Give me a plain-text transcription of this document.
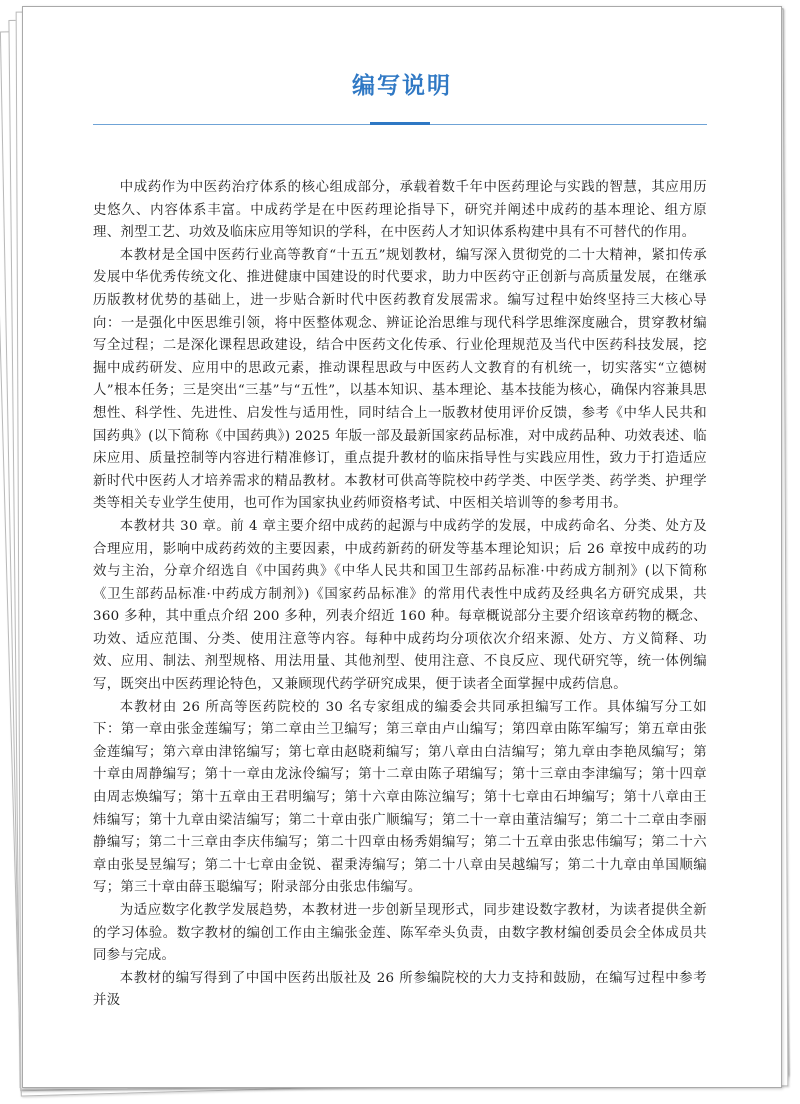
编写说明

中成药作为中医药治疗体系的核心组成部分，承载着数千年中医药理论与实践的智慧，其应用历史悠久、内容体系丰富。中成药学是在中医药理论指导下，研究并阐述中成药的基本理论、组方原理、剂型工艺、功效及临床应用等知识的学科，在中医药人才知识体系构建中具有不可替代的作用。

本教材是全国中医药行业高等教育“十五五”规划教材，编写深入贯彻党的二十大精神，紧扣传承发展中华优秀传统文化、推进健康中国建设的时代要求，助力中医药守正创新与高质量发展，在继承历版教材优势的基础上，进一步贴合新时代中医药教育发展需求。编写过程中始终坚持三大核心导向：一是强化中医思维引领，将中医整体观念、辨证论治思维与现代科学思维深度融合，贯穿教材编写全过程；二是深化课程思政建设，结合中医药文化传承、行业伦理规范及当代中医药科技发展，挖掘中成药研发、应用中的思政元素，推动课程思政与中医药人文教育的有机统一，切实落实“立德树人”根本任务；三是突出“三基”与“五性”，以基本知识、基本理论、基本技能为核心，确保内容兼具思想性、科学性、先进性、启发性与适用性，同时结合上一版教材使用评价反馈，参考《中华人民共和国药典》(以下简称《中国药典》) 2025 年版一部及最新国家药品标准，对中成药品种、功效表述、临床应用、质量控制等内容进行精准修订，重点提升教材的临床指导性与实践应用性，致力于打造适应新时代中医药人才培养需求的精品教材。本教材可供高等院校中药学类、中医学类、药学类、护理学类等相关专业学生使用，也可作为国家执业药师资格考试、中医相关培训等的参考用书。

本教材共 30 章。前 4 章主要介绍中成药的起源与中成药学的发展，中成药命名、分类、处方及合理应用，影响中成药药效的主要因素，中成药新药的研发等基本理论知识；后 26 章按中成药的功效与主治，分章介绍选自《中国药典》《中华人民共和国卫生部药品标准·中药成方制剂》(以下简称《卫生部药品标准·中药成方制剂》)《国家药品标准》的常用代表性中成药及经典名方研究成果，共 360 多种，其中重点介绍 200 多种，列表介绍近 160 种。每章概说部分主要介绍该章药物的概念、功效、适应范围、分类、使用注意等内容。每种中成药均分项依次介绍来源、处方、方义简释、功效、应用、制法、剂型规格、用法用量、其他剂型、使用注意、不良反应、现代研究等，统一体例编写，既突出中医药理论特色，又兼顾现代药学研究成果，便于读者全面掌握中成药信息。

本教材由 26 所高等医药院校的 30 名专家组成的编委会共同承担编写工作。具体编写分工如下：第一章由张金莲编写；第二章由兰卫编写；第三章由卢山编写；第四章由陈军编写；第五章由张金莲编写；第六章由津铭编写；第七章由赵晓莉编写；第八章由白洁编写；第九章由李艳凤编写；第十章由周静编写；第十一章由龙泳伶编写；第十二章由陈子珺编写；第十三章由李津编写；第十四章由周志焕编写；第十五章由王君明编写；第十六章由陈泣编写；第十七章由石坤编写；第十八章由王炜编写；第十九章由梁洁编写；第二十章由张广顺编写；第二十一章由董洁编写；第二十二章由李丽静编写；第二十三章由李庆伟编写；第二十四章由杨秀娟编写；第二十五章由张忠伟编写；第二十六章由张旻昱编写；第二十七章由金锐、翟秉涛编写；第二十八章由吴越编写；第二十九章由单国顺编写；第三十章由薛玉聪编写；附录部分由张忠伟编写。

为适应数字化教学发展趋势，本教材进一步创新呈现形式，同步建设数字教材，为读者提供全新的学习体验。数字教材的编创工作由主编张金莲、陈军牵头负责，由数字教材编创委员会全体成员共同参与完成。

本教材的编写得到了中国中医药出版社及 26 所参编院校的大力支持和鼓励，在编写过程中参考并汲
